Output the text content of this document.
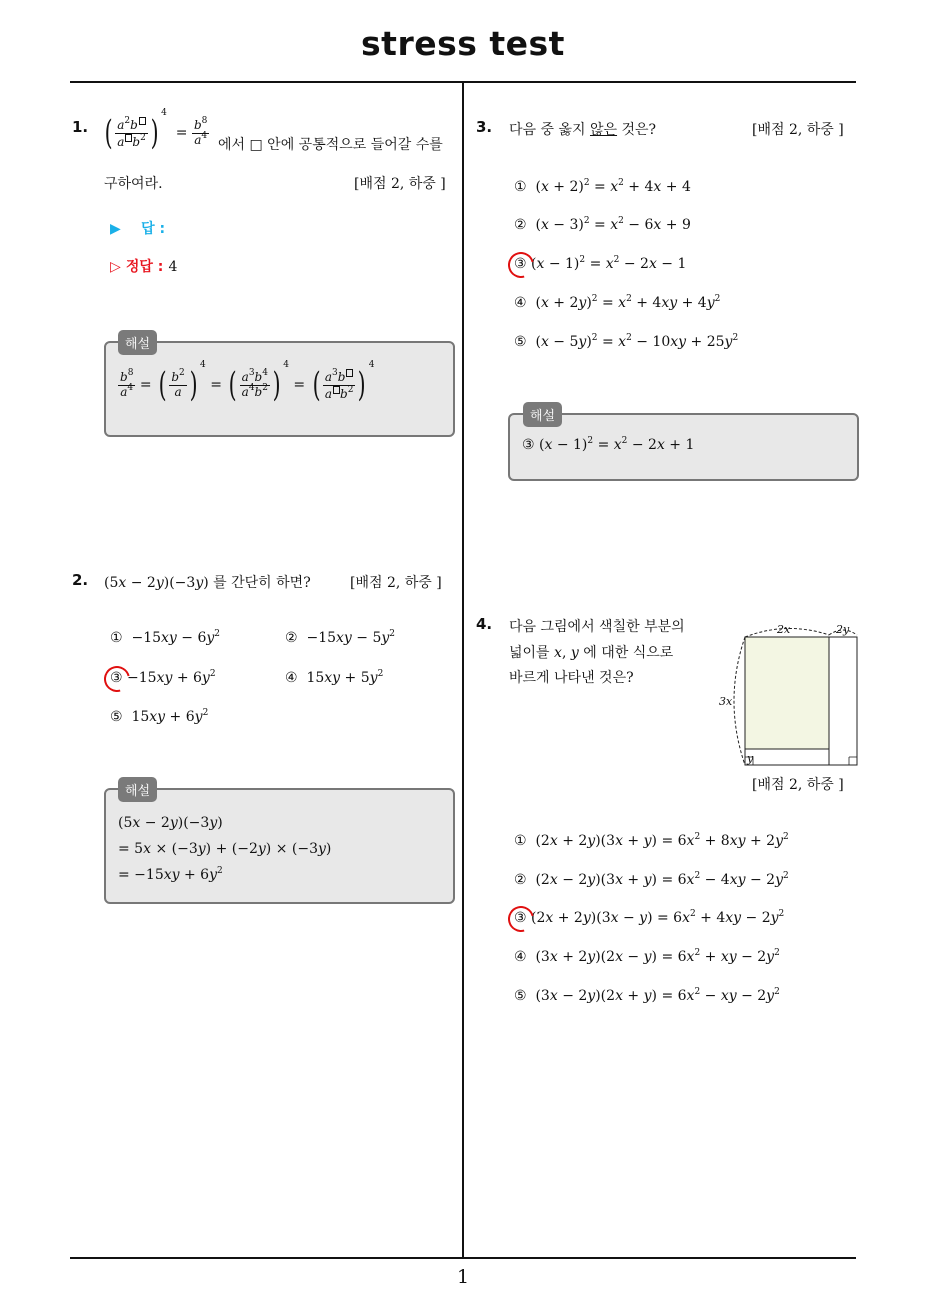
stress test
1
1. ( $\frac{a^2b}{a b^2}$ ) $^4 = \frac{b^8}{a^4}$ 에서 □ 안에 공통적으로 들어갈 수를
구하여라.	[배점 2, 하중 ]
▶ 답 :
▷ 정답 : 4
해설
$\frac{b^8}{a^4}$ = ( $\frac{b^2}{a}$ ) $^4$ = ( $\frac{a^3b^4}{a^4b^2}$ ) $^4$ = ( $\frac{a^3b}{a b^2}$ ) $^4$
2. (5x − 2y)(−3y) 를 간단히 하면?	[배점 2, 하중 ]
①  $-15xy - 6y^2$	②  $-15xy - 5y^2$
③ $-15xy + 6y^2$	④  $15xy + 5y^2$
⑤  $15xy + 6y^2$
해설
(5x − 2y)(−3y)
= 5x × (−3y) + (−2y) × (−3y)
= $-15xy + 6y^2$
3. 다음 중 옳지 않은 것은?	[배점 2, 하중 ]
①  $(x + 2)^2 = x^2 + 4x + 4$
②  $(x - 3)^2 = x^2 - 6x + 9$
③ $(x - 1)^2 = x^2 - 2x - 1$
④  $(x + 2y)^2 = x^2 + 4xy + 4y^2$
⑤  $(x - 5y)^2 = x^2 - 10xy + 25y^2$
해설
③ $(x - 1)^2 = x^2 - 2x + 1$
4. 다음 그림에서 색칠한 부분의
넓이를 x, y 에 대한 식으로
바르게 나타낸 것은?
2x	2y
3x
y
[배점 2, 하중 ]
①  $(2x + 2y)(3x + y) = 6x^2 + 8xy + 2y^2$
②  $(2x - 2y)(3x + y) = 6x^2 - 4xy - 2y^2$
③ $(2x + 2y)(3x - y) = 6x^2 + 4xy - 2y^2$
④  $(3x + 2y)(2x - y) = 6x^2$ + xy − $2y^2$
⑤  $(3x - 2y)(2x + y) = 6x^2$ − xy − $2y^2$
